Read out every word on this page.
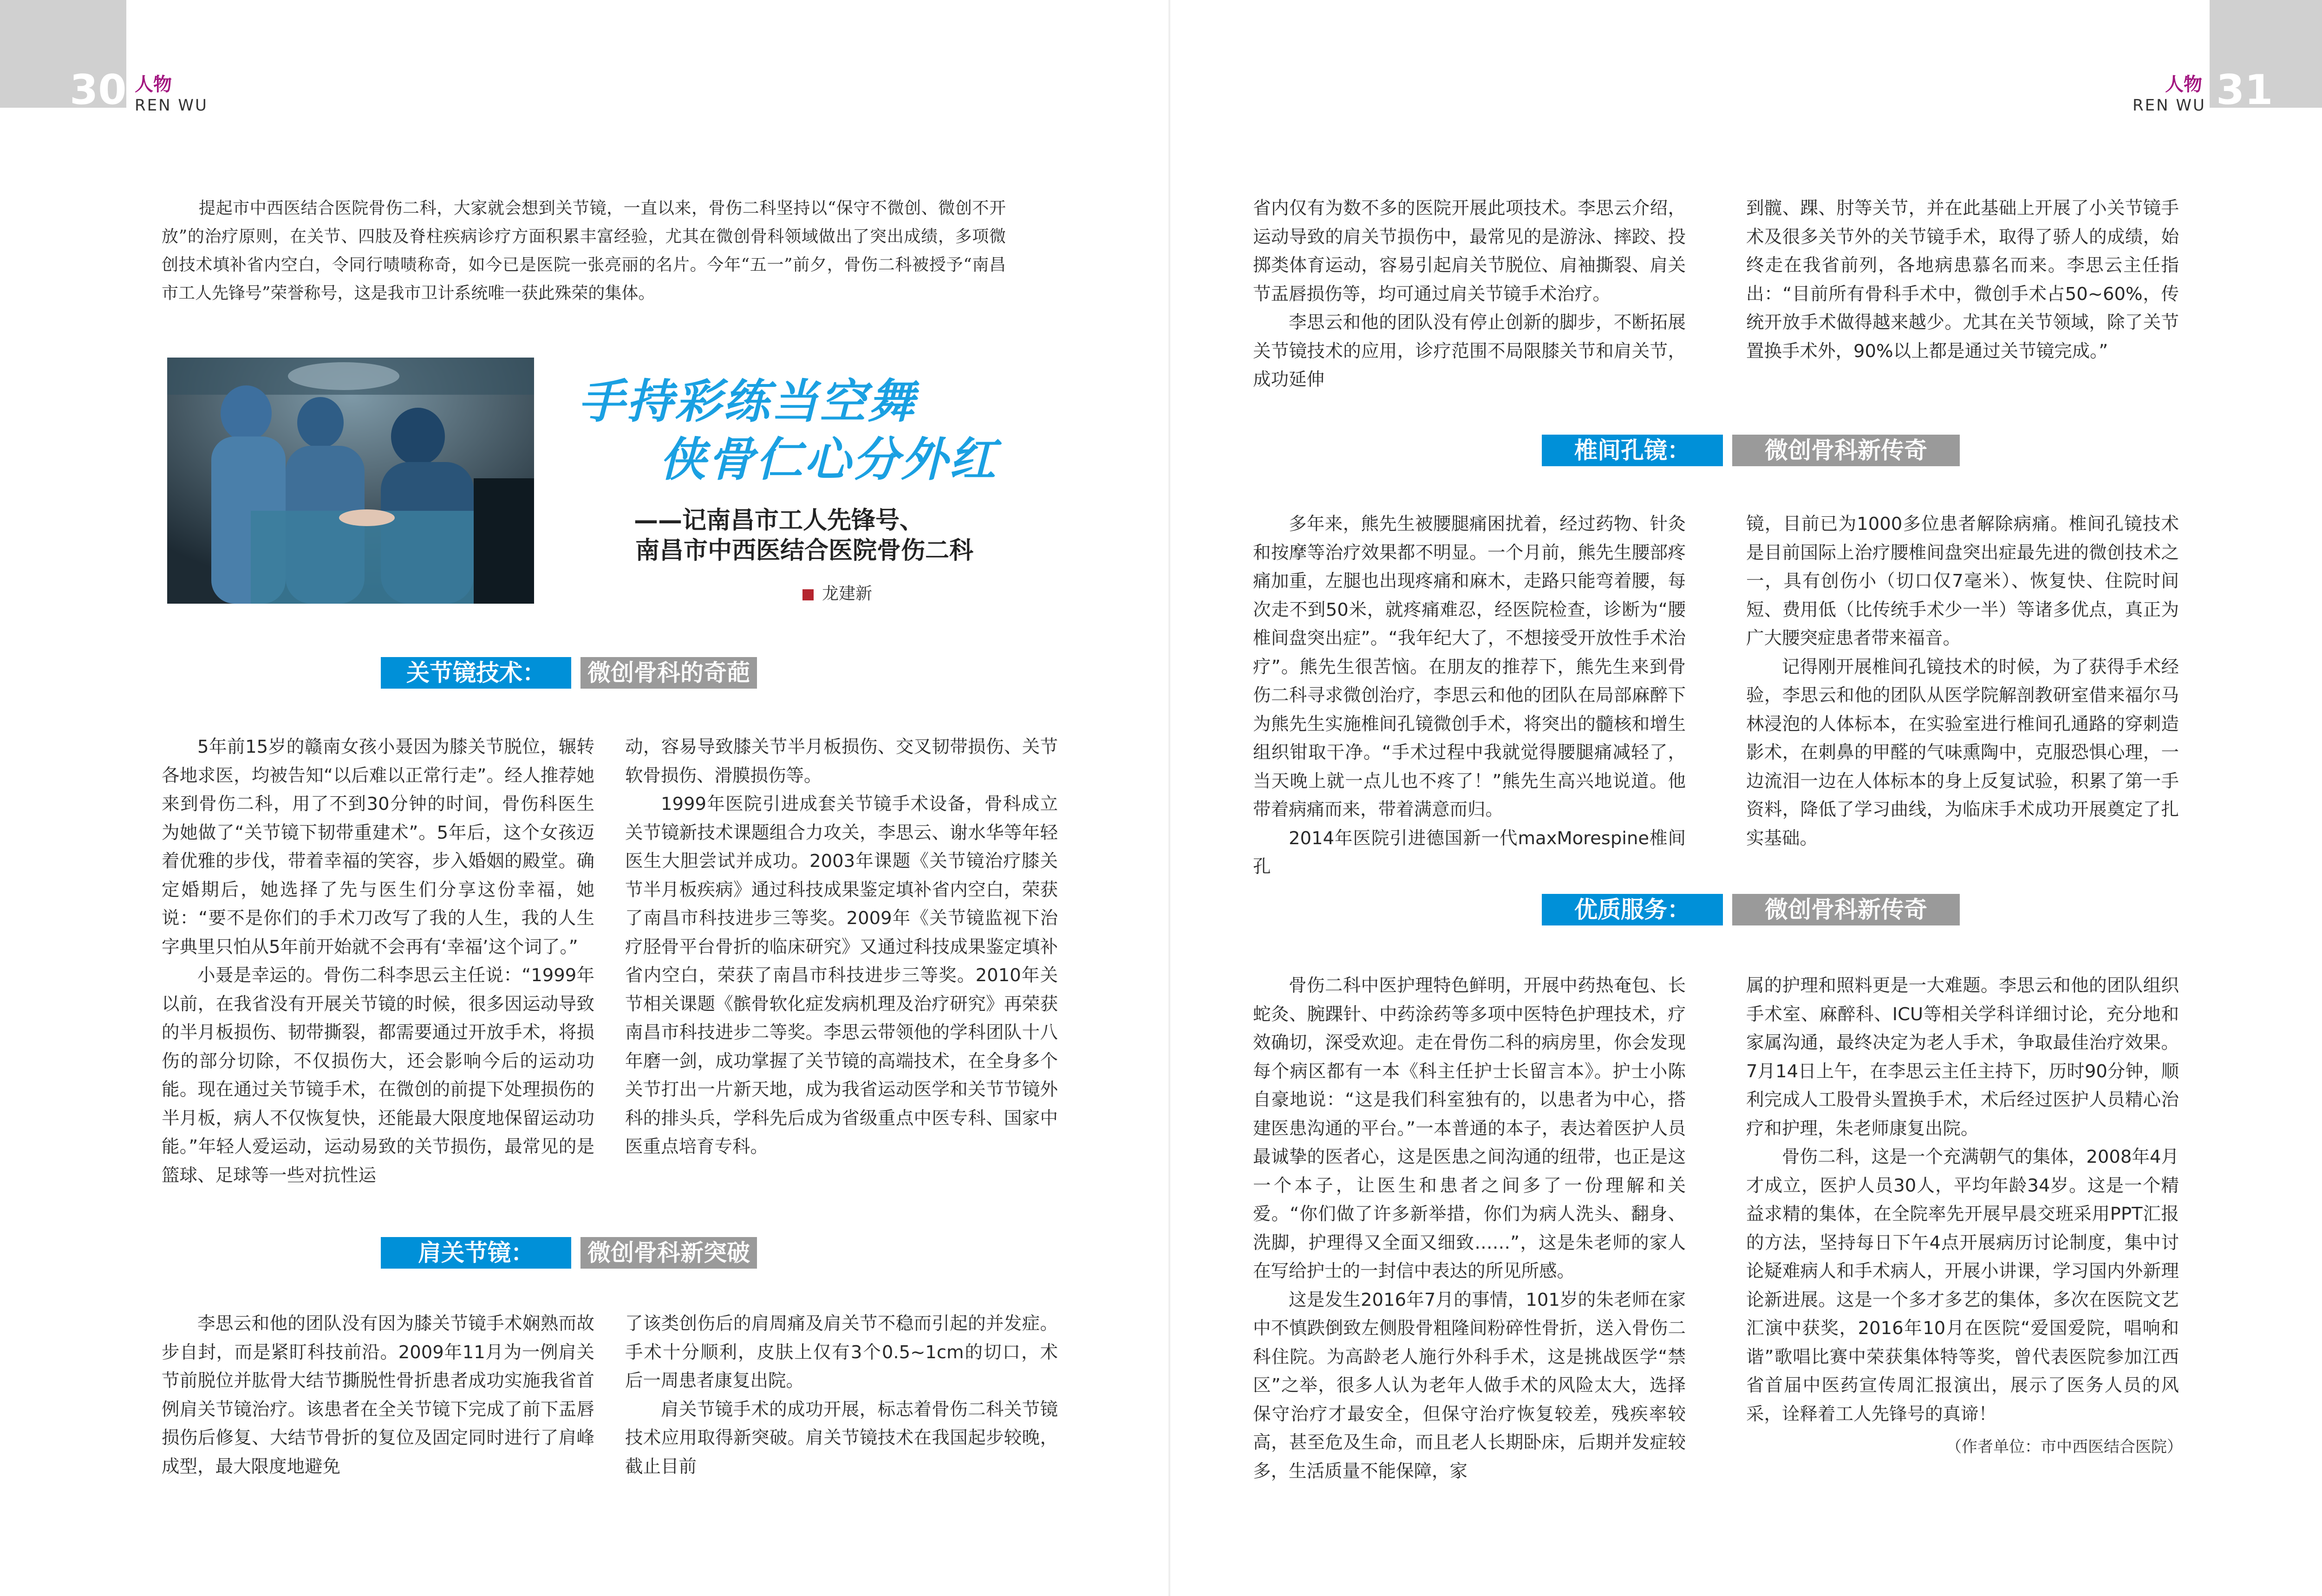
30 人物
REN WU	31
人物
REN WU

提起市中西医结合医院骨伤二科，大家就会想到关节镜，一直以来，骨伤二科坚持以“保守不微创、微创不开放”的治疗原则，在关节、四肢及脊柱疾病诊疗方面积累丰富经验，尤其在微创骨科领域做出了突出成绩，多项微创技术填补省内空白，令同行啧啧称奇，如今已是医院一张亮丽的名片。今年“五一”前夕，骨伤二科被授予“南昌市工人先锋号”荣誉称号，这是我市卫计系统唯一获此殊荣的集体。

手持彩练当空舞
侠骨仁心分外红
——记南昌市工人先锋号、
南昌市中西医结合医院骨伤二科
龙建新
关节镜技术：	微创骨科的奇葩

5年前15岁的赣南女孩小聂因为膝关节脱位，辗转各地求医，均被告知“以后难以正常行走”。经人推荐她来到骨伤二科，用了不到30分钟的时间，骨伤科医生为她做了“关节镜下韧带重建术”。5年后，这个女孩迈着优雅的步伐，带着幸福的笑容，步入婚姻的殿堂。确定婚期后，她选择了先与医生们分享这份幸福，她说：“要不是你们的手术刀改写了我的人生，我的人生字典里只怕从5年前开始就不会再有‘幸福’这个词了。”

小聂是幸运的。骨伤二科李思云主任说：“1999年以前，在我省没有开展关节镜的时候，很多因运动导致的半月板损伤、韧带撕裂，都需要通过开放手术，将损伤的部分切除，不仅损伤大，还会影响今后的运动功能。现在通过关节镜手术，在微创的前提下处理损伤的半月板，病人不仅恢复快，还能最大限度地保留运动功能。”年轻人爱运动，运动易致的关节损伤，最常见的是篮球、足球等一些对抗性运

动，容易导致膝关节半月板损伤、交叉韧带损伤、关节软骨损伤、滑膜损伤等。

1999年医院引进成套关节镜手术设备，骨科成立关节镜新技术课题组合力攻关，李思云、谢水华等年轻医生大胆尝试并成功。2003年课题《关节镜治疗膝关节半月板疾病》通过科技成果鉴定填补省内空白，荣获了南昌市科技进步三等奖。2009年《关节镜监视下治疗胫骨平台骨折的临床研究》又通过科技成果鉴定填补省内空白，荣获了南昌市科技进步三等奖。2010年关节相关课题《髌骨软化症发病机理及治疗研究》再荣获南昌市科技进步二等奖。李思云带领他的学科团队十八年磨一剑，成功掌握了关节镜的高端技术，在全身多个关节打出一片新天地，成为我省运动医学和关节节镜外科的排头兵，学科先后成为省级重点中医专科、国家中医重点培育专科。

肩关节镜：	微创骨科新突破

李思云和他的团队没有因为膝关节镜手术娴熟而故步自封，而是紧盯科技前沿。2009年11月为一例肩关节前脱位并肱骨大结节撕脱性骨折患者成功实施我省首例肩关节镜治疗。该患者在全关节镜下完成了前下盂唇损伤后修复、大结节骨折的复位及固定同时进行了肩峰成型，最大限度地避免

了该类创伤后的肩周痛及肩关节不稳而引起的并发症。手术十分顺利，皮肤上仅有3个0.5~1cm的切口，术后一周患者康复出院。

肩关节镜手术的成功开展，标志着骨伤二科关节镜技术应用取得新突破。肩关节镜技术在我国起步较晚，截止目前

省内仅有为数不多的医院开展此项技术。李思云介绍，运动导致的肩关节损伤中，最常见的是游泳、摔跤、投掷类体育运动，容易引起肩关节脱位、肩袖撕裂、肩关节盂唇损伤等，均可通过肩关节镜手术治疗。

李思云和他的团队没有停止创新的脚步，不断拓展关节镜技术的应用，诊疗范围不局限膝关节和肩关节，成功延伸

到髋、踝、肘等关节，并在此基础上开展了小关节镜手术及很多关节外的关节镜手术，取得了骄人的成绩，始终走在我省前列，各地病患慕名而来。李思云主任指出：“目前所有骨科手术中，微创手术占50~60%，传统开放手术做得越来越少。尤其在关节领域，除了关节置换手术外，90%以上都是通过关节镜完成。”

椎间孔镜：	微创骨科新传奇

多年来，熊先生被腰腿痛困扰着，经过药物、针灸和按摩等治疗效果都不明显。一个月前，熊先生腰部疼痛加重，左腿也出现疼痛和麻木，走路只能弯着腰，每次走不到50米，就疼痛难忍，经医院检查，诊断为“腰椎间盘突出症”。“我年纪大了，不想接受开放性手术治疗”。熊先生很苦恼。在朋友的推荐下，熊先生来到骨伤二科寻求微创治疗，李思云和他的团队在局部麻醉下为熊先生实施椎间孔镜微创手术，将突出的髓核和增生组织钳取干净。“手术过程中我就觉得腰腿痛减轻了，当天晚上就一点儿也不疼了！”熊先生高兴地说道。他带着病痛而来，带着满意而归。

2014年医院引进德国新一代maxMorespine椎间孔

镜，目前已为1000多位患者解除病痛。椎间孔镜技术是目前国际上治疗腰椎间盘突出症最先进的微创技术之一，具有创伤小（切口仅7毫米）、恢复快、住院时间短、费用低（比传统手术少一半）等诸多优点，真正为广大腰突症患者带来福音。

记得刚开展椎间孔镜技术的时候，为了获得手术经验，李思云和他的团队从医学院解剖教研室借来福尔马林浸泡的人体标本，在实验室进行椎间孔通路的穿刺造影术，在刺鼻的甲醛的气味熏陶中，克服恐惧心理，一边流泪一边在人体标本的身上反复试验，积累了第一手资料，降低了学习曲线，为临床手术成功开展奠定了扎实基础。

优质服务：	微创骨科新传奇

骨伤二科中医护理特色鲜明，开展中药热奄包、长蛇灸、腕踝针、中药涂药等多项中医特色护理技术，疗效确切，深受欢迎。走在骨伤二科的病房里，你会发现每个病区都有一本《科主任护士长留言本》。护士小陈自豪地说：“这是我们科室独有的，以患者为中心，搭建医患沟通的平台。”一本普通的本子，表达着医护人员最诚挚的医者心，这是医患之间沟通的纽带，也正是这一个本子，让医生和患者之间多了一份理解和关爱。“你们做了许多新举措，你们为病人洗头、翻身、洗脚，护理得又全面又细致……”，这是朱老师的家人在写给护士的一封信中表达的所见所感。

这是发生2016年7月的事情，101岁的朱老师在家中不慎跌倒致左侧股骨粗隆间粉碎性骨折，送入骨伤二科住院。为高龄老人施行外科手术，这是挑战医学“禁区”之举，很多人认为老年人做手术的风险太大，选择保守治疗才最安全，但保守治疗恢复较差，残疾率较高，甚至危及生命，而且老人长期卧床，后期并发症较多，生活质量不能保障，家

属的护理和照料更是一大难题。李思云和他的团队组织手术室、麻醉科、ICU等相关学科详细讨论，充分地和家属沟通，最终决定为老人手术，争取最佳治疗效果。7月14日上午，在李思云主任主持下，历时90分钟，顺利完成人工股骨头置换手术，术后经过医护人员精心治疗和护理，朱老师康复出院。

骨伤二科，这是一个充满朝气的集体，2008年4月才成立，医护人员30人，平均年龄34岁。这是一个精益求精的集体，在全院率先开展早晨交班采用PPT汇报的方法，坚持每日下午4点开展病历讨论制度，集中讨论疑难病人和手术病人，开展小讲课，学习国内外新理论新进展。这是一个多才多艺的集体，多次在医院文艺汇演中获奖，2016年10月在医院“爱国爱院，唱响和谐”歌唱比赛中荣获集体特等奖，曾代表医院参加江西省首届中医药宣传周汇报演出，展示了医务人员的风采，诠释着工人先锋号的真谛！

（作者单位：市中西医结合医院）
